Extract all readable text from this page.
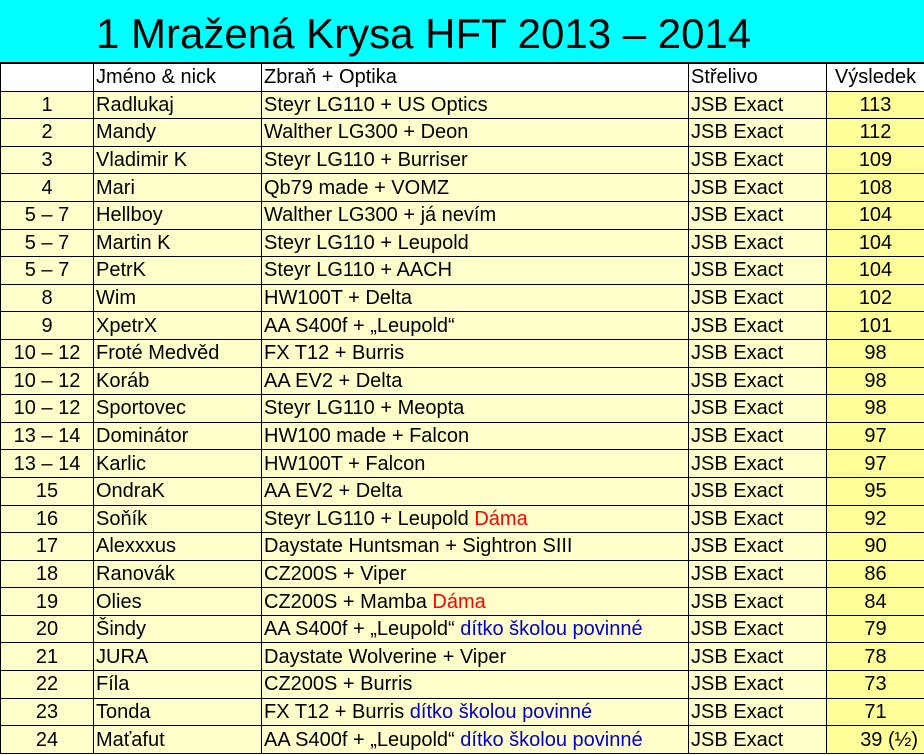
1 Mražená Krysa HFT 2013 – 2014
	Jméno & nick	Zbraň + Optika	Střelivo	Výsledek
1	Radlukaj	Steyr LG110 + US Optics	JSB Exact	113
2	Mandy	Walther LG300 + Deon	JSB Exact	112
3	Vladimir K	Steyr LG110 + Burriser	JSB Exact	109
4	Mari	Qb79 made + VOMZ	JSB Exact	108
5 – 7	Hellboy	Walther LG300 + já nevím	JSB Exact	104
5 – 7	Martin K	Steyr LG110 + Leupold	JSB Exact	104
5 – 7	PetrK	Steyr LG110 + AACH	JSB Exact	104
8	Wim	HW100T + Delta	JSB Exact	102
9	XpetrX	AA S400f + „Leupold“	JSB Exact	101
10 – 12	Froté Medvěd	FX T12 + Burris	JSB Exact	98
10 – 12	Koráb	AA EV2 + Delta	JSB Exact	98
10 – 12	Sportovec	Steyr LG110 + Meopta	JSB Exact	98
13 – 14	Dominátor	HW100 made + Falcon	JSB Exact	97
13 – 14	Karlic	HW100T + Falcon	JSB Exact	97
15	OndraK	AA EV2 + Delta	JSB Exact	95
16	Soňík	Steyr LG110 + Leupold Dáma	JSB Exact	92
17	Alexxxus	Daystate Huntsman + Sightron SIII	JSB Exact	90
18	Ranovák	CZ200S + Viper	JSB Exact	86
19	Olies	CZ200S + Mamba Dáma	JSB Exact	84
20	Šindy	AA S400f + „Leupold“ dítko školou povinné	JSB Exact	79
21	JURA	Daystate Wolverine + Viper	JSB Exact	78
22	Fíla	CZ200S + Burris	JSB Exact	73
23	Tonda	FX T12 + Burris dítko školou povinné	JSB Exact	71
24	Maťafut	AA S400f + „Leupold“ dítko školou povinné	JSB Exact	39 (½)
